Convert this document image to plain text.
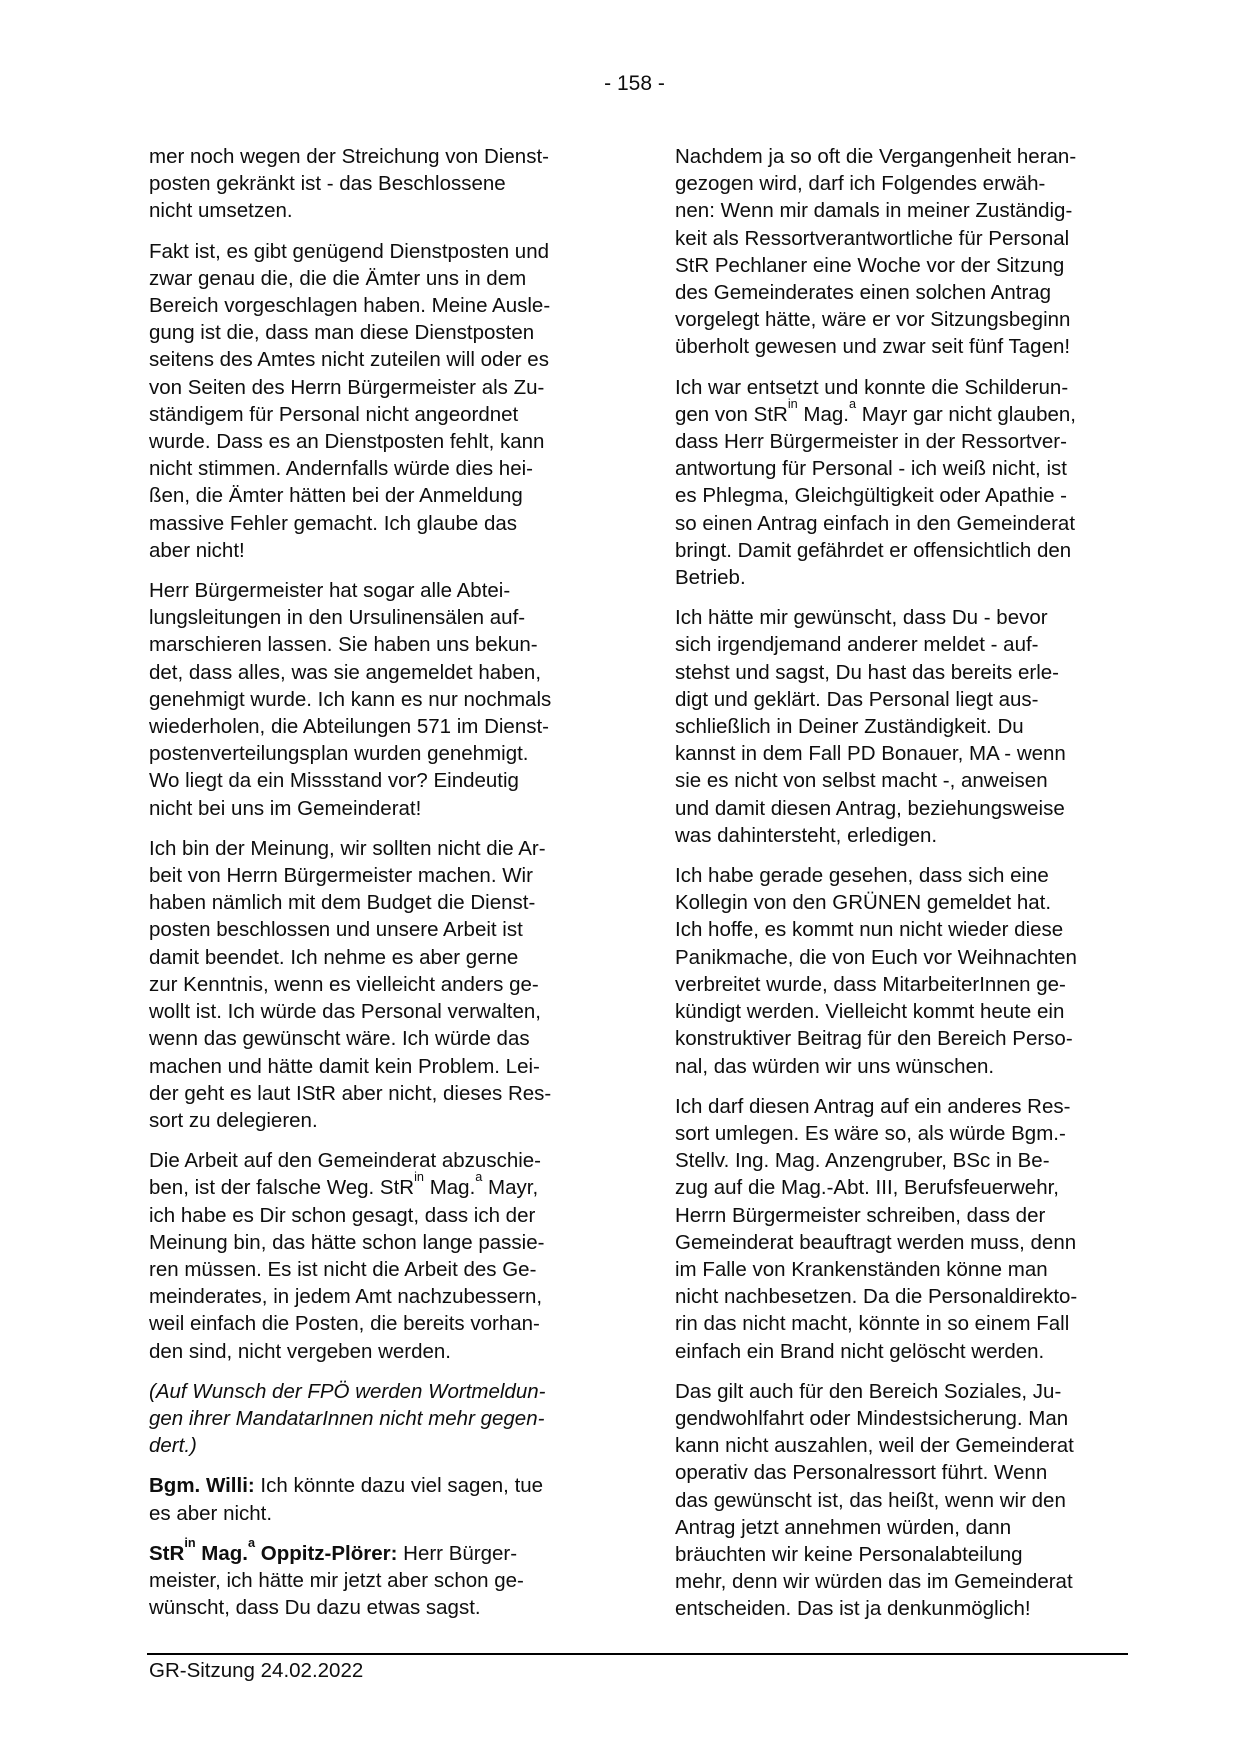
- 158 -

mer noch wegen der Streichung von Dienst-
posten gekränkt ist - das Beschlossene
nicht umsetzen.

Fakt ist, es gibt genügend Dienstposten und
zwar genau die, die die Ämter uns in dem
Bereich vorgeschlagen haben. Meine Ausle-
gung ist die, dass man diese Dienstposten
seitens des Amtes nicht zuteilen will oder es
von Seiten des Herrn Bürgermeister als Zu-
ständigem für Personal nicht angeordnet
wurde. Dass es an Dienstposten fehlt, kann
nicht stimmen. Andernfalls würde dies hei-
ßen, die Ämter hätten bei der Anmeldung
massive Fehler gemacht. Ich glaube das
aber nicht!

Herr Bürgermeister hat sogar alle Abtei-
lungsleitungen in den Ursulinensälen auf-
marschieren lassen. Sie haben uns bekun-
det, dass alles, was sie angemeldet haben,
genehmigt wurde. Ich kann es nur nochmals
wiederholen, die Abteilungen 571 im Dienst-
postenverteilungsplan wurden genehmigt.
Wo liegt da ein Missstand vor? Eindeutig
nicht bei uns im Gemeinderat!

Ich bin der Meinung, wir sollten nicht die Ar-
beit von Herrn Bürgermeister machen. Wir
haben nämlich mit dem Budget die Dienst-
posten beschlossen und unsere Arbeit ist
damit beendet. Ich nehme es aber gerne
zur Kenntnis, wenn es vielleicht anders ge-
wollt ist. Ich würde das Personal verwalten,
wenn das gewünscht wäre. Ich würde das
machen und hätte damit kein Problem. Lei-
der geht es laut IStR aber nicht, dieses Res-
sort zu delegieren.

Die Arbeit auf den Gemeinderat abzuschie-
ben, ist der falsche Weg. StR$^{in}$ Mag.$^a$ Mayr,
ich habe es Dir schon gesagt, dass ich der
Meinung bin, das hätte schon lange passie-
ren müssen. Es ist nicht die Arbeit des Ge-
meinderates, in jedem Amt nachzubessern,
weil einfach die Posten, die bereits vorhan-
den sind, nicht vergeben werden.

(Auf Wunsch der FPÖ werden Wortmeldun-
gen ihrer MandatarInnen nicht mehr gegen-
dert.)

Bgm. Willi: Ich könnte dazu viel sagen, tue
es aber nicht.

StR$^{in}$ Mag.$^a$ Oppitz-Plörer: Herr Bürger-
meister, ich hätte mir jetzt aber schon ge-
wünscht, dass Du dazu etwas sagst.

Nachdem ja so oft die Vergangenheit heran-
gezogen wird, darf ich Folgendes erwäh-
nen: Wenn mir damals in meiner Zuständig-
keit als Ressortverantwortliche für Personal
StR Pechlaner eine Woche vor der Sitzung
des Gemeinderates einen solchen Antrag
vorgelegt hätte, wäre er vor Sitzungsbeginn
überholt gewesen und zwar seit fünf Tagen!

Ich war entsetzt und konnte die Schilderun-
gen von StR$^{in}$ Mag.$^a$ Mayr gar nicht glauben,
dass Herr Bürgermeister in der Ressortver-
antwortung für Personal - ich weiß nicht, ist
es Phlegma, Gleichgültigkeit oder Apathie -
so einen Antrag einfach in den Gemeinderat
bringt. Damit gefährdet er offensichtlich den
Betrieb.

Ich hätte mir gewünscht, dass Du - bevor
sich irgendjemand anderer meldet - auf-
stehst und sagst, Du hast das bereits erle-
digt und geklärt. Das Personal liegt aus-
schließlich in Deiner Zuständigkeit. Du
kannst in dem Fall PD Bonauer, MA - wenn
sie es nicht von selbst macht -, anweisen
und damit diesen Antrag, beziehungsweise
was dahintersteht, erledigen.

Ich habe gerade gesehen, dass sich eine
Kollegin von den GRÜNEN gemeldet hat.
Ich hoffe, es kommt nun nicht wieder diese
Panikmache, die von Euch vor Weihnachten
verbreitet wurde, dass MitarbeiterInnen ge-
kündigt werden. Vielleicht kommt heute ein
konstruktiver Beitrag für den Bereich Perso-
nal, das würden wir uns wünschen.

Ich darf diesen Antrag auf ein anderes Res-
sort umlegen. Es wäre so, als würde Bgm.-
Stellv. Ing. Mag. Anzengruber, BSc in Be-
zug auf die Mag.-Abt. III, Berufsfeuerwehr,
Herrn Bürgermeister schreiben, dass der
Gemeinderat beauftragt werden muss, denn
im Falle von Krankenständen könne man
nicht nachbesetzen. Da die Personaldirekto-
rin das nicht macht, könnte in so einem Fall
einfach ein Brand nicht gelöscht werden.

Das gilt auch für den Bereich Soziales, Ju-
gendwohlfahrt oder Mindestsicherung. Man
kann nicht auszahlen, weil der Gemeinderat
operativ das Personalressort führt. Wenn
das gewünscht ist, das heißt, wenn wir den
Antrag jetzt annehmen würden, dann
bräuchten wir keine Personalabteilung
mehr, denn wir würden das im Gemeinderat
entscheiden. Das ist ja denkunmöglich!

GR-Sitzung 24.02.2022
